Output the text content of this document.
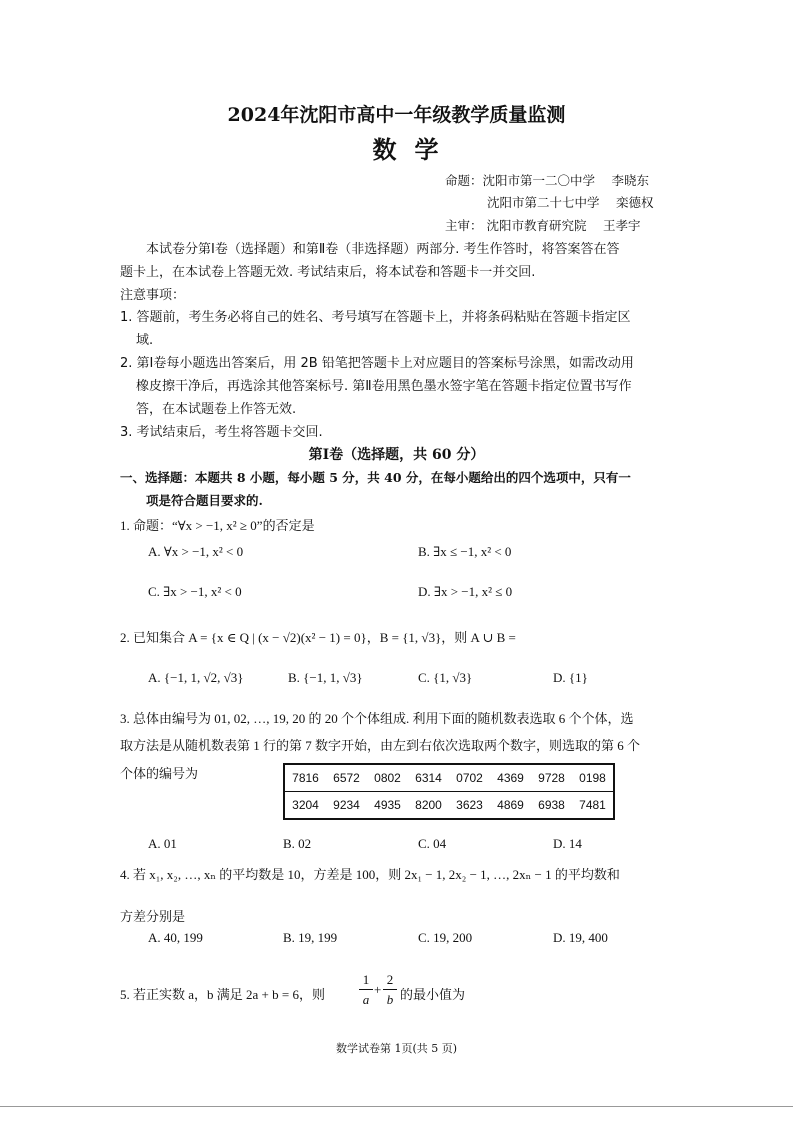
2024年沈阳市高中一年级教学质量监测
数学
命题：沈阳市第一二〇中学　 李晓东
沈阳市第二十七中学　 栾德权
主审： 沈阳市教育研究院　 王孝宇
本试卷分第Ⅰ卷（选择题）和第Ⅱ卷（非选择题）两部分. 考生作答时，将答案答在答
题卡上，在本试卷上答题无效. 考试结束后，将本试卷和答题卡一并交回.
注意事项：
1. 答题前，考生务必将自己的姓名、考号填写在答题卡上，并将条码粘贴在答题卡指定区
域.
2. 第Ⅰ卷每小题选出答案后，用 2B 铅笔把答题卡上对应题目的答案标号涂黑，如需改动用
橡皮擦干净后，再选涂其他答案标号. 第Ⅱ卷用黑色墨水签字笔在答题卡指定位置书写作
答，在本试题卷上作答无效.
3. 考试结束后，考生将答题卡交回.
第Ⅰ卷（选择题，共 60 分）
一、选择题：本题共 8 小题，每小题 5 分，共 40 分，在每小题给出的四个选项中，只有一
项是符合题目要求的.
1. 命题：“∀x > −1, x² ≥ 0”的否定是
A. ∀x > −1, x² < 0	B. ∃x ≤ −1, x² < 0
C. ∃x > −1, x² < 0	D. ∃x > −1, x² ≤ 0
2. 已知集合 A = {x ∈ Q | (x − √2)(x² − 1) = 0}，B = {1, √3}，则 A ∪ B =
A. {−1, 1, √2, √3}	B. {−1, 1, √3}	C. {1, √3}	D. {1}
3. 总体由编号为 01, 02, …, 19, 20 的 20 个个体组成. 利用下面的随机数表选取 6 个个体，选
取方法是从随机数表第 1 行的第 7 数字开始，由左到右依次选取两个数字，则选取的第 6 个
个体的编号为	7816	6572	0802	6314	0702	4369	9728	0198
3204	9234	4935	8200	3623	4869	6938	7481
A. 01	B. 02	C. 04	D. 14
4. 若 x₁, x₂, …, xₙ 的平均数是 10，方差是 100，则 2x₁ − 1, 2x₂ − 1, …, 2xₙ − 1 的平均数和
方差分别是
A. 40, 199	B. 19, 199	C. 19, 200	D. 19, 400
5. 若正实数 a，b 满足 2a + b = 6，则
1
a
+
2
b 的最小值为
数学试卷第 1页(共 5 页)
